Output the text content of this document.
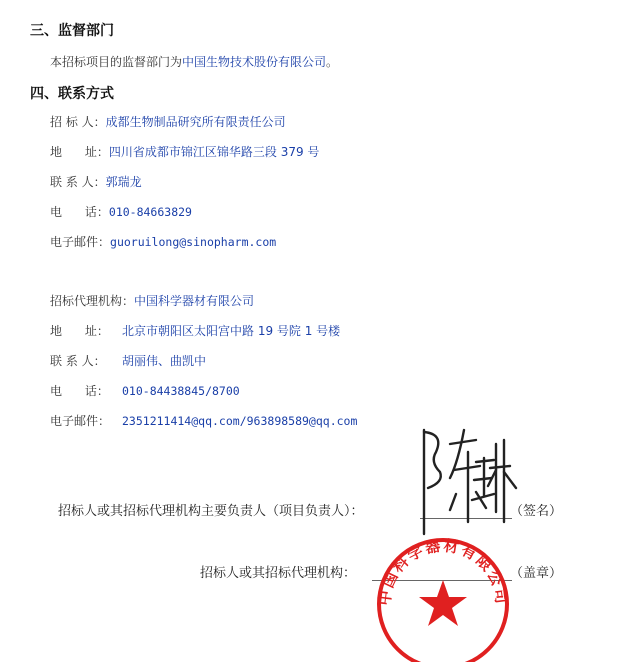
三、监督部门
本招标项目的监督部门为中国生物技术股份有限公司。
四、联系方式
招 标 人：成都生物制品研究所有限责任公司
地      址：四川省成都市锦江区锦华路三段 379 号
联 系 人：郭瑞龙
电      话：010-84663829
电子邮件：guoruilong@sinopharm.com
招标代理机构：中国科学器材有限公司
地      址： 北京市朝阳区太阳宫中路 19 号院 1 号楼
联 系 人： 胡丽伟、曲凯中
电      话： 010-84438845/8700
电子邮件： 2351211414@qq.com/963898589@qq.com
招标人或其招标代理机构主要负责人（项目负责人）：	（签名）
招标人或其招标代理机构：	（盖章）
中国科学器材有限公司
